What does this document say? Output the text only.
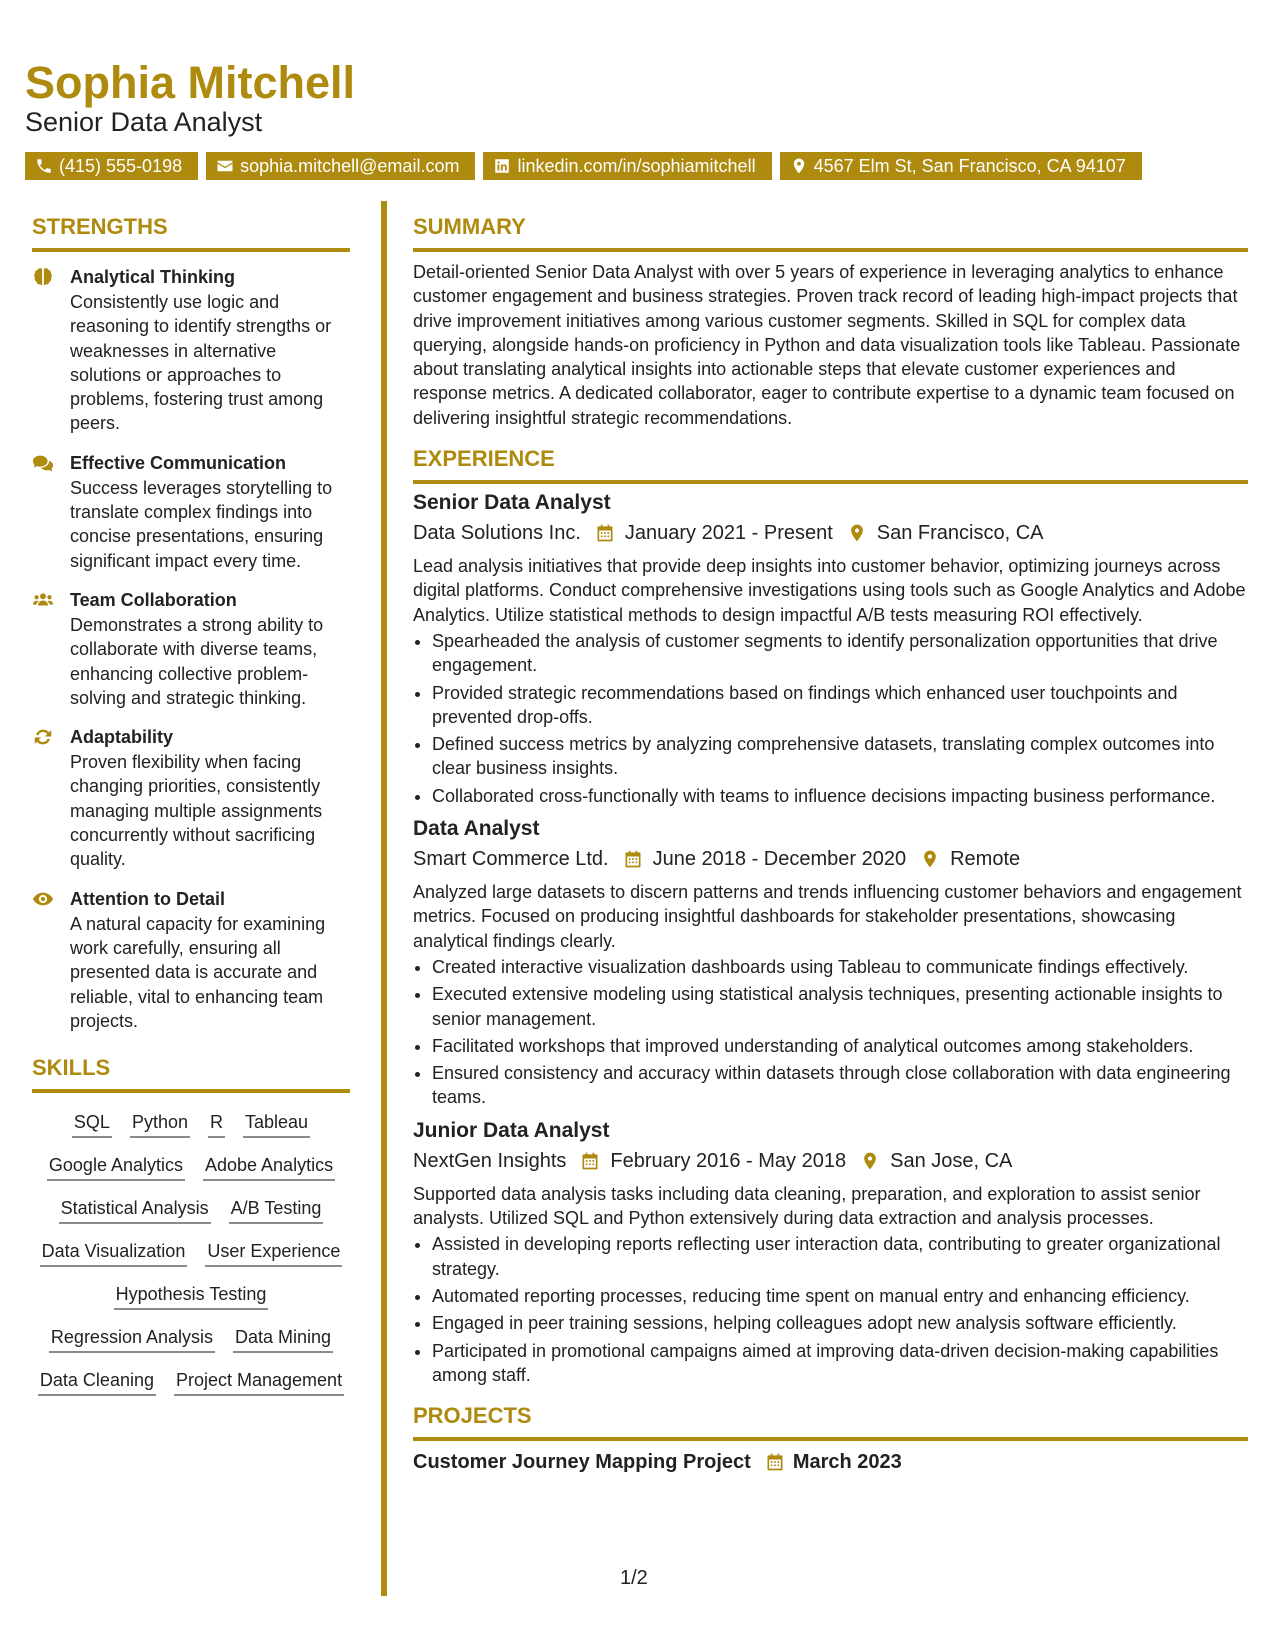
Sophia Mitchell
Senior Data Analyst
(415) 555-0198	sophia.mitchell@email.com	linkedin.com/in/sophiamitchell	4567 Elm St, San Francisco, CA 94107
STRENGTHS
Analytical Thinking
Consistently use logic and reasoning to identify strengths or weaknesses in alternative solutions or approaches to problems, fostering trust among peers.
Effective Communication
Success leverages storytelling to translate complex findings into concise presentations, ensuring significant impact every time.
Team Collaboration
Demonstrates a strong ability to collaborate with diverse teams, enhancing collective problem-solving and strategic thinking.
Adaptability
Proven flexibility when facing changing priorities, consistently managing multiple assignments concurrently without sacrificing quality.
Attention to Detail
A natural capacity for examining work carefully, ensuring all presented data is accurate and reliable, vital to enhancing team projects.
SKILLS
SQL Python R Tableau
Google Analytics Adobe Analytics
Statistical Analysis A/B Testing
Data Visualization User Experience
Hypothesis Testing
Regression Analysis Data Mining
Data Cleaning Project Management
SUMMARY

Detail-oriented Senior Data Analyst with over 5 years of experience in leveraging analytics to enhance customer engagement and business strategies. Proven track record of leading high-impact projects that drive improvement initiatives among various customer segments. Skilled in SQL for complex data querying, alongside hands-on proficiency in Python and data visualization tools like Tableau. Passionate about translating analytical insights into actionable steps that elevate customer experiences and response metrics. A dedicated collaborator, eager to contribute expertise to a dynamic team focused on delivering insightful strategic recommendations.

EXPERIENCE
Senior Data Analyst
Data Solutions Inc. January 2021 - Present San Francisco, CA

Lead analysis initiatives that provide deep insights into customer behavior, optimizing journeys across digital platforms. Conduct comprehensive investigations using tools such as Google Analytics and Adobe Analytics. Utilize statistical methods to design impactful A/B tests measuring ROI effectively.

• Spearheaded the analysis of customer segments to identify personalization opportunities that drive engagement.
• Provided strategic recommendations based on findings which enhanced user touchpoints and prevented drop-offs.
• Defined success metrics by analyzing comprehensive datasets, translating complex outcomes into clear business insights.
• Collaborated cross-functionally with teams to influence decisions impacting business performance.
Data Analyst
Smart Commerce Ltd. June 2018 - December 2020 Remote

Analyzed large datasets to discern patterns and trends influencing customer behaviors and engagement metrics. Focused on producing insightful dashboards for stakeholder presentations, showcasing analytical findings clearly.

• Created interactive visualization dashboards using Tableau to communicate findings effectively.
• Executed extensive modeling using statistical analysis techniques, presenting actionable insights to senior management.
• Facilitated workshops that improved understanding of analytical outcomes among stakeholders.
• Ensured consistency and accuracy within datasets through close collaboration with data engineering teams.
Junior Data Analyst
NextGen Insights February 2016 - May 2018 San Jose, CA

Supported data analysis tasks including data cleaning, preparation, and exploration to assist senior analysts. Utilized SQL and Python extensively during data extraction and analysis processes.

• Assisted in developing reports reflecting user interaction data, contributing to greater organizational strategy.
• Automated reporting processes, reducing time spent on manual entry and enhancing efficiency.
• Engaged in peer training sessions, helping colleagues adopt new analysis software efficiently.
• Participated in promotional campaigns aimed at improving data-driven decision-making capabilities among staff.
PROJECTS
Customer Journey Mapping Project March 2023
1/2
